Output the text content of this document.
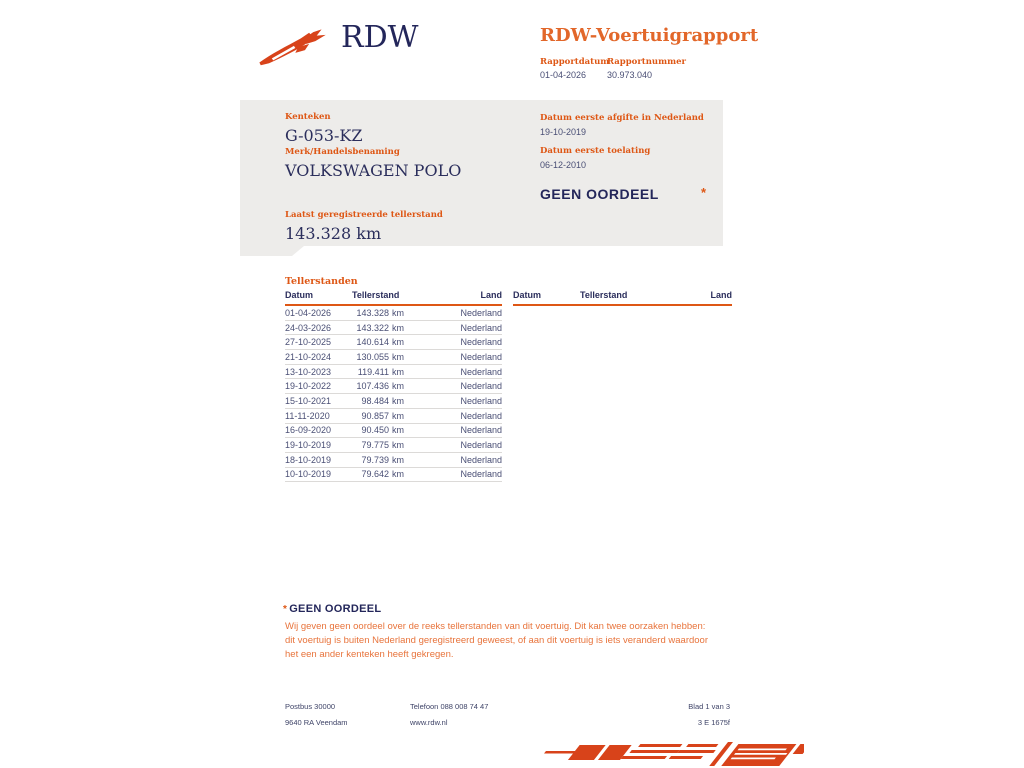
RDW	RDW-Voertuigrapport
Rapportdatum
01-04-2026
Rapportnummer
30.973.040
Kenteken
G-053-KZ
Merk/Handelsbenaming
VOLKSWAGEN POLO
Laatst geregistreerde tellerstand
143.328 km
Datum eerste afgifte in Nederland
19-10-2019
Datum eerste toelating
06-12-2010
GEEN OORDEEL	*
Tellerstanden
Datum	Tellerstand	Land
01-04-2026	143.328 km	Nederland
24-03-2026	143.322 km	Nederland
27-10-2025	140.614 km	Nederland
21-10-2024	130.055 km	Nederland
13-10-2023	119.411 km	Nederland
19-10-2022	107.436 km	Nederland
15-10-2021	98.484 km	Nederland
11-11-2020	90.857 km	Nederland
16-09-2020	90.450 km	Nederland
19-10-2019	79.775 km	Nederland
18-10-2019	79.739 km	Nederland
10-10-2019	79.642 km	Nederland
Datum	Tellerstand	Land
* GEEN OORDEEL
Wij geven geen oordeel over de reeks tellerstanden van dit voertuig. Dit kan twee oorzaken hebben: dit voertuig is buiten Nederland geregistreerd geweest, of aan dit voertuig is iets veranderd waardoor het een ander kenteken heeft gekregen.
Postbus 30000
9640 RA Veendam
Telefoon 088 008 74 47
www.rdw.nl
Blad 1 van 3
3 E 1675f
